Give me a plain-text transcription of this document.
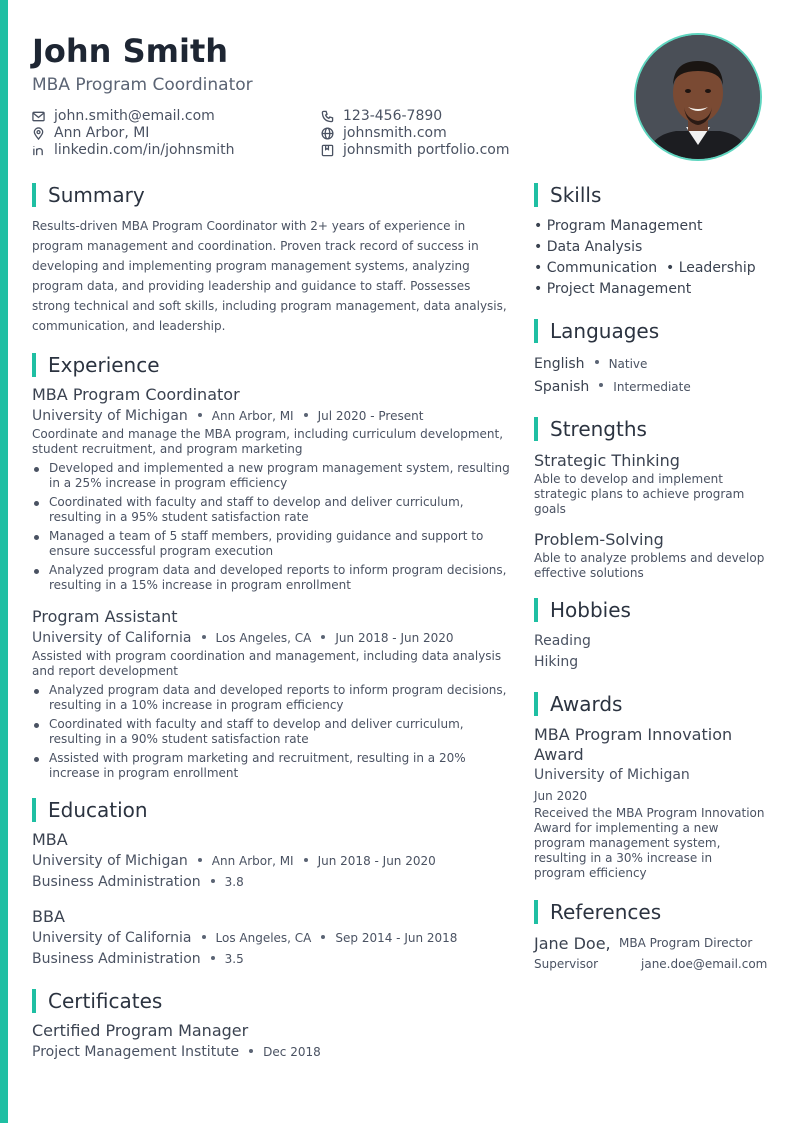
John Smith
MBA Program Coordinator
john.smith@email.com	123-456-7890
Ann Arbor, MI	johnsmith.com
linkedin.com/in/johnsmith	johnsmith portfolio.com
Summary

Results-driven MBA Program Coordinator with 2+ years of experience in program management and coordination. Proven track record of success in developing and implementing program management systems, analyzing program data, and providing leadership and guidance to staff. Possesses strong technical and soft skills, including program management, data analysis, communication, and leadership.

Experience
MBA Program Coordinator
University of Michigan Ann Arbor, MI Jul 2020 - Present
Coordinate and manage the MBA program, including curriculum development, student recruitment, and program marketing
Developed and implemented a new program management system, resulting in a 25% increase in program efficiency
Coordinated with faculty and staff to develop and deliver curriculum, resulting in a 95% student satisfaction rate
Managed a team of 5 staff members, providing guidance and support to ensure successful program execution
Analyzed program data and developed reports to inform program decisions, resulting in a 15% increase in program enrollment
Program Assistant
University of California Los Angeles, CA Jun 2018 - Jun 2020
Assisted with program coordination and management, including data analysis and report development
Analyzed program data and developed reports to inform program decisions, resulting in a 10% increase in program efficiency
Coordinated with faculty and staff to develop and deliver curriculum, resulting in a 90% student satisfaction rate
Assisted with program marketing and recruitment, resulting in a 20% increase in program enrollment
Education
MBA
University of Michigan Ann Arbor, MI Jun 2018 - Jun 2020
Business Administration 3.8
BBA
University of California Los Angeles, CA Sep 2014 - Jun 2018
Business Administration 3.5
Certificates
Certified Program Manager
Project Management Institute Dec 2018
Skills
• Program Management
• Data Analysis
• Communication  • Leadership
• Project Management
Languages
English Native
Spanish Intermediate
Strengths
Strategic Thinking
Able to develop and implement strategic plans to achieve program goals
Problem-Solving
Able to analyze problems and develop effective solutions
Hobbies
Reading
Hiking
Awards
MBA Program Innovation Award
University of Michigan
Jun 2020
Received the MBA Program Innovation Award for implementing a new program management system, resulting in a 30% increase in program efficiency
References
Jane Doe, MBA Program Director
Supervisor	jane.doe@email.com
